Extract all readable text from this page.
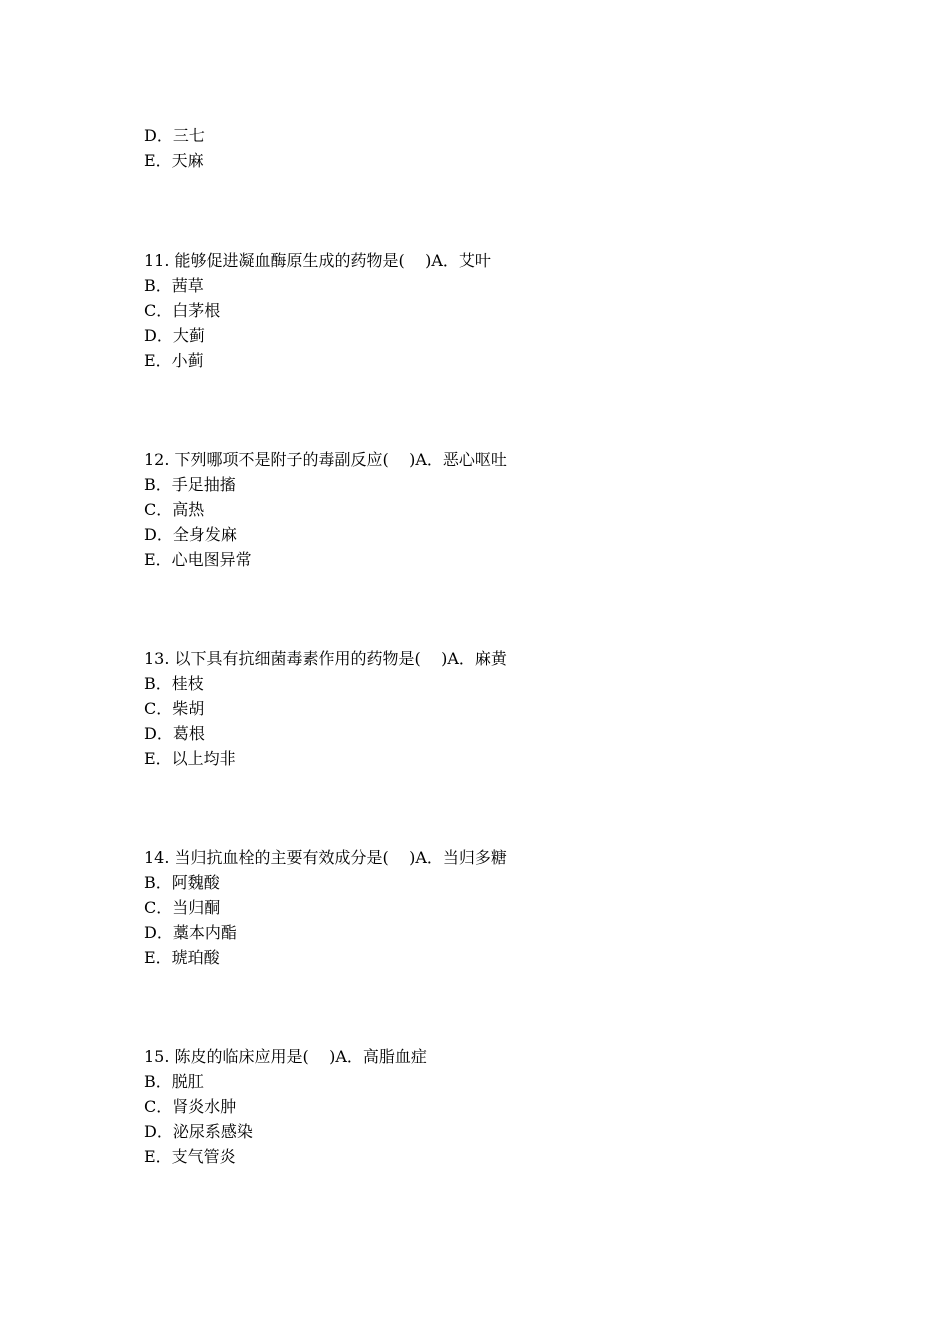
D．三七
E．天麻
11. 能够促进凝血酶原生成的药物是(    )A．艾叶
B．茜草
C．白茅根
D．大蓟
E．小蓟
12. 下列哪项不是附子的毒副反应(    )A．恶心呕吐
B．手足抽搐
C．高热
D．全身发麻
E．心电图异常
13. 以下具有抗细菌毒素作用的药物是(    )A．麻黄
B．桂枝
C．柴胡
D．葛根
E．以上均非
14. 当归抗血栓的主要有效成分是(    )A．当归多糖
B．阿魏酸
C．当归酮
D．藁本内酯
E．琥珀酸
15. 陈皮的临床应用是(    )A．高脂血症
B．脱肛
C．肾炎水肿
D．泌尿系感染
E．支气管炎
